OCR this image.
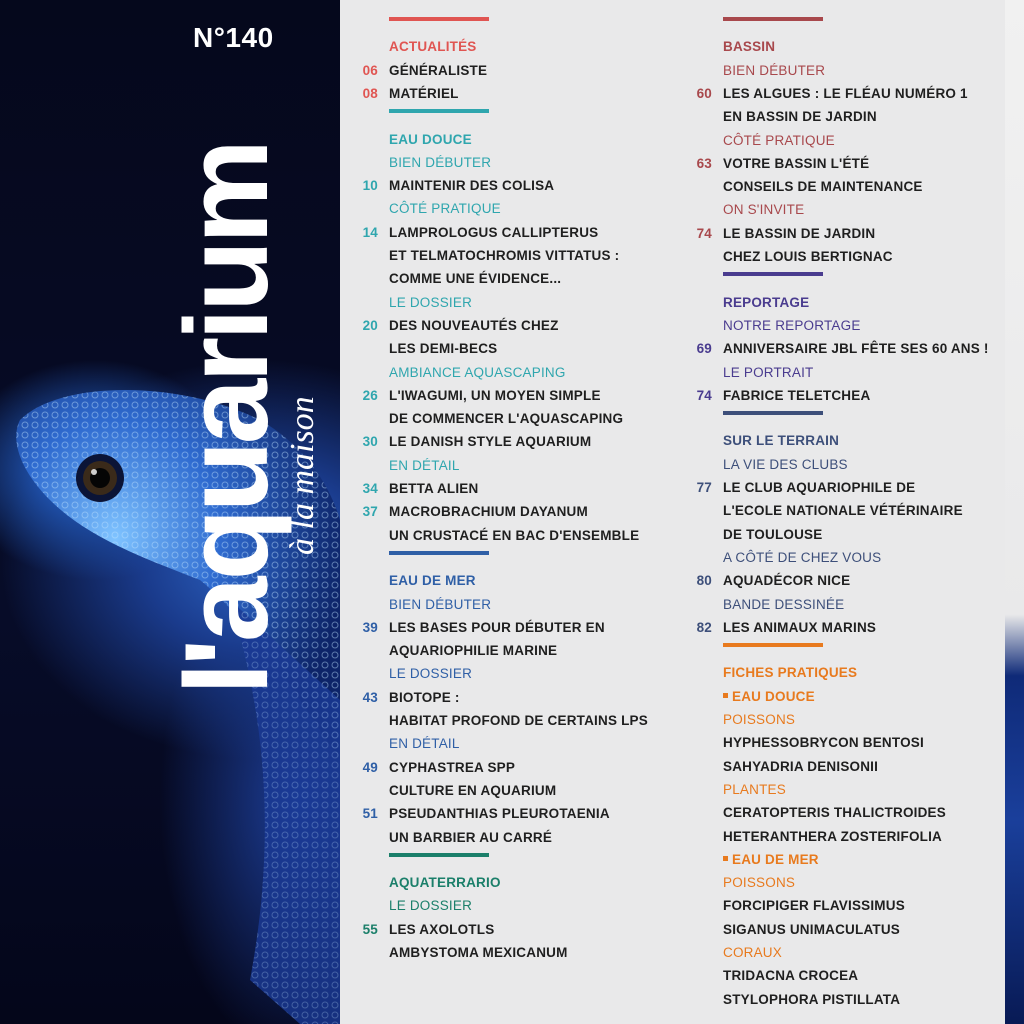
N°140
l'aquarium
à la maison
ACTUALITÉS
06 GÉNÉRALISTE
08 MATÉRIEL
EAU DOUCE
BIEN DÉBUTER
10 MAINTENIR DES COLISA
CÔTÉ PRATIQUE
14 LAMPROLOGUS CALLIPTERUS
ET TELMATOCHROMIS VITTATUS :
COMME UNE ÉVIDENCE...
LE DOSSIER
20 DES NOUVEAUTÉS CHEZ
LES DEMI-BECS
AMBIANCE AQUASCAPING
26 L'IWAGUMI, UN MOYEN SIMPLE
DE COMMENCER L'AQUASCAPING
30 LE DANISH STYLE AQUARIUM
EN DÉTAIL
34 BETTA ALIEN
37 MACROBRACHIUM DAYANUM
UN CRUSTACÉ EN BAC D'ENSEMBLE
EAU DE MER
BIEN DÉBUTER
39 LES BASES POUR DÉBUTER EN
AQUARIOPHILIE MARINE
LE DOSSIER
43 BIOTOPE :
HABITAT PROFOND DE CERTAINS LPS
EN DÉTAIL
49 CYPHASTREA SPP
CULTURE EN AQUARIUM
51 PSEUDANTHIAS PLEUROTAENIA
UN BARBIER AU CARRÉ
AQUATERRARIO
LE DOSSIER
55 LES AXOLOTLS
AMBYSTOMA MEXICANUM
BASSIN
BIEN DÉBUTER
60 LES ALGUES : LE FLÉAU NUMÉRO 1
EN BASSIN DE JARDIN
CÔTÉ PRATIQUE
63 VOTRE BASSIN L'ÉTÉ
CONSEILS DE MAINTENANCE
ON S'INVITE
74 LE BASSIN DE JARDIN
CHEZ LOUIS BERTIGNAC
REPORTAGE
NOTRE REPORTAGE
69 ANNIVERSAIRE JBL FÊTE SES 60 ANS !
LE PORTRAIT
74 FABRICE TELETCHEA
SUR LE TERRAIN
LA VIE DES CLUBS
77 LE CLUB AQUARIOPHILE DE
L'ECOLE NATIONALE VÉTÉRINAIRE
DE TOULOUSE
A CÔTÉ DE CHEZ VOUS
80 AQUADÉCOR NICE
BANDE DESSINÉE
82 LES ANIMAUX MARINS
FICHES PRATIQUES
EAU DOUCE
POISSONS
HYPHESSOBRYCON BENTOSI
SAHYADRIA DENISONII
PLANTES
CERATOPTERIS THALICTROIDES
HETERANTHERA ZOSTERIFOLIA
EAU DE MER
POISSONS
FORCIPIGER FLAVISSIMUS
SIGANUS UNIMACULATUS
CORAUX
TRIDACNA CROCEA
STYLOPHORA PISTILLATA
